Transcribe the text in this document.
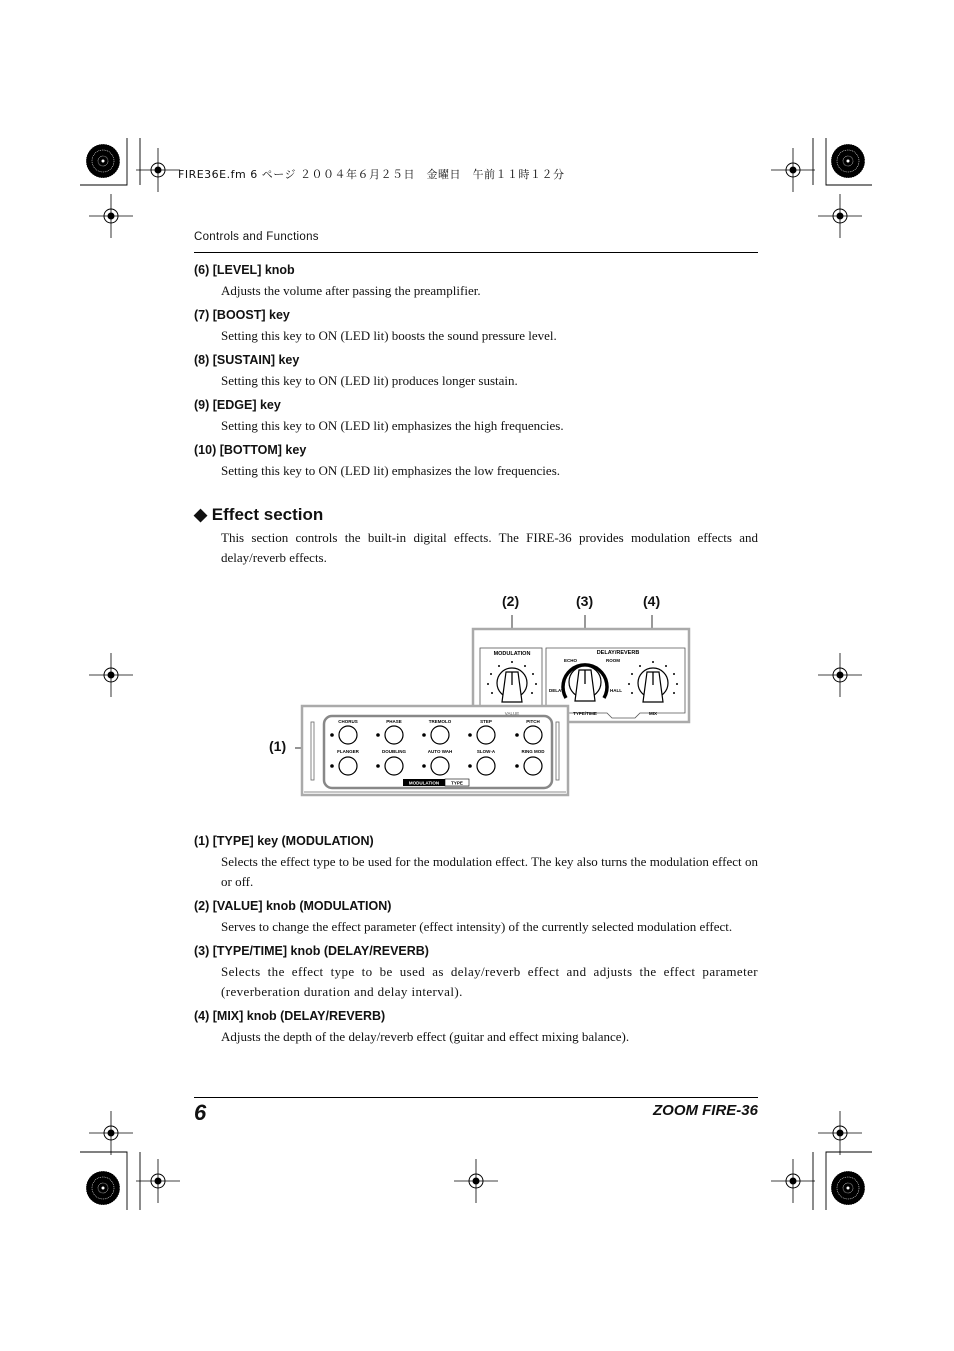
FIRE36E.fm 6 ページ ２００４年６月２５日　金曜日　午前１１時１２分
Controls and Functions
(6) [LEVEL] knob
Adjusts the volume after passing the preamplifier.
(7) [BOOST] key
Setting this key to ON (LED lit) boosts the sound pressure level.
(8) [SUSTAIN] key
Setting this key to ON (LED lit) produces longer sustain.
(9) [EDGE] key
Setting this key to ON (LED lit) emphasizes the high frequencies.
(10) [BOTTOM] key
Setting this key to ON (LED lit) emphasizes the low frequencies.
◆ Effect section
This section controls the built-in digital effects. The FIRE-36 provides modulation effects and delay/reverb effects.
(2)	(3)	(4)
(1)
MODULATION
VALUE
DELAY/REVERB
ECHO	ROOM
DELAY	HALL
TYPE/TIME	MIX
CHORUS	PHASE	TREMOLO	STEP	PITCH
FLANGER	DOUBLING	AUTO WAH	SLOW-A	RING MOD
MODULATION	TYPE
(1) [TYPE] key (MODULATION)
Selects the effect type to be used for the modulation effect. The key also turns the modulation effect on or off.
(2) [VALUE] knob (MODULATION)
Serves to change the effect parameter (effect intensity) of the currently selected modulation effect.
(3) [TYPE/TIME] knob (DELAY/REVERB)
Selects the effect type to be used as delay/reverb effect and adjusts the effect parameter (reverberation duration and delay interval).
(4) [MIX] knob (DELAY/REVERB)
Adjusts the depth of the delay/reverb effect (guitar and effect mixing balance).
6	ZOOM FIRE-36
